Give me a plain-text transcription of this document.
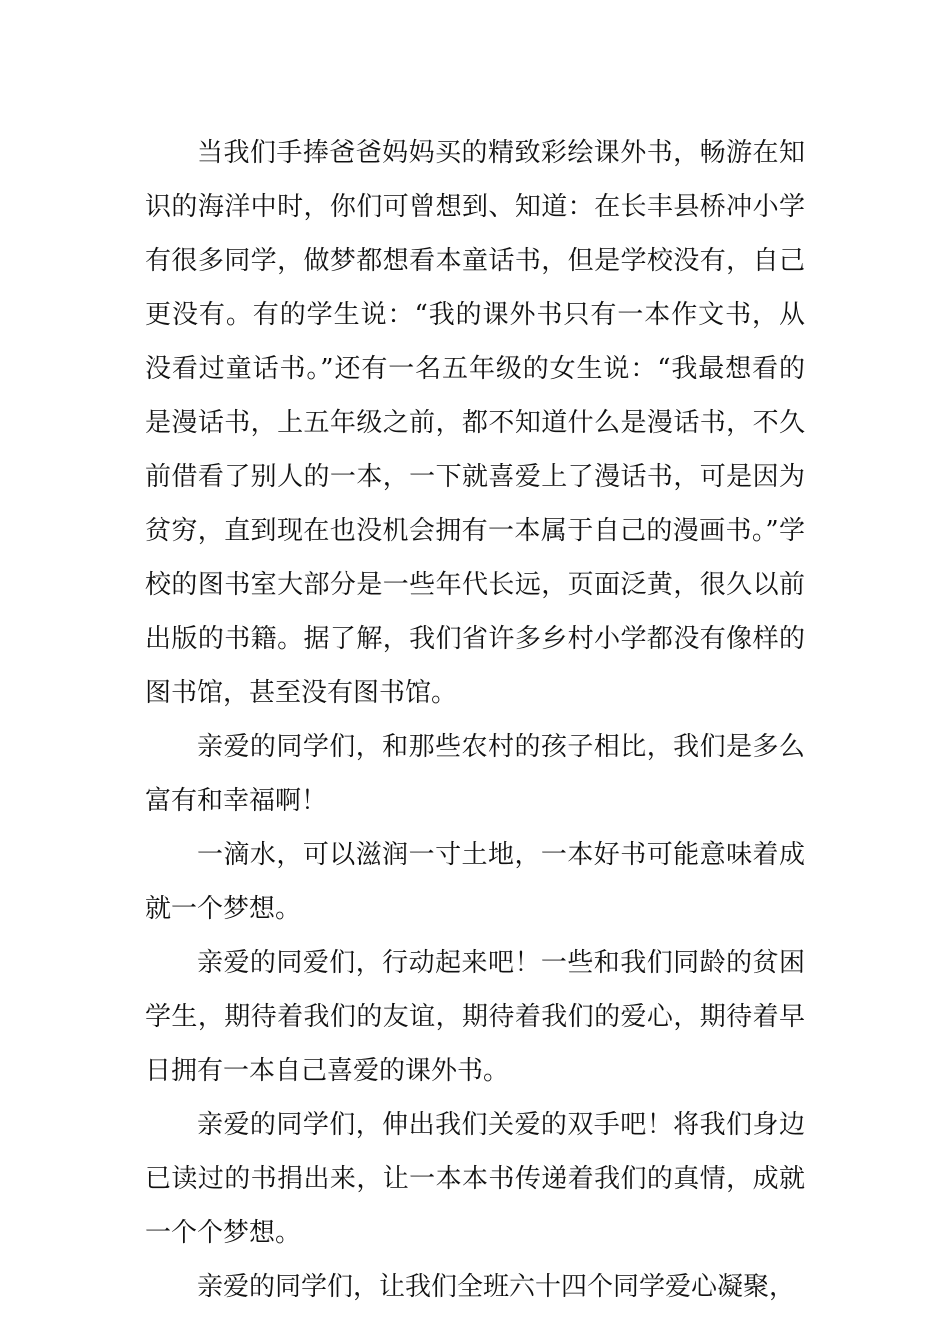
当我们手捧爸爸妈妈买的精致彩绘课外书，畅游在知识的海洋中时，你们可曾想到、知道：在长丰县桥冲小学有很多同学，做梦都想看本童话书，但是学校没有，自己更没有。有的学生说：“我的课外书只有一本作文书，从没看过童话书。”还有一名五年级的女生说：“我最想看的是漫话书，上五年级之前，都不知道什么是漫话书，不久前借看了别人的一本，一下就喜爱上了漫话书，可是因为贫穷，直到现在也没机会拥有一本属于自己的漫画书。”学校的图书室大部分是一些年代长远，页面泛黄，很久以前出版的书籍。据了解，我们省许多乡村小学都没有像样的图书馆，甚至没有图书馆。

亲爱的同学们，和那些农村的孩子相比，我们是多么富有和幸福啊！

一滴水，可以滋润一寸土地，一本好书可能意味着成就一个梦想。

亲爱的同爱们，行动起来吧！一些和我们同龄的贫困学生，期待着我们的友谊，期待着我们的爱心，期待着早日拥有一本自己喜爱的课外书。

亲爱的同学们，伸出我们关爱的双手吧！将我们身边已读过的书捐出来，让一本本书传递着我们的真情，成就一个个梦想。

亲爱的同学们，让我们全班六十四个同学爱心凝聚，
